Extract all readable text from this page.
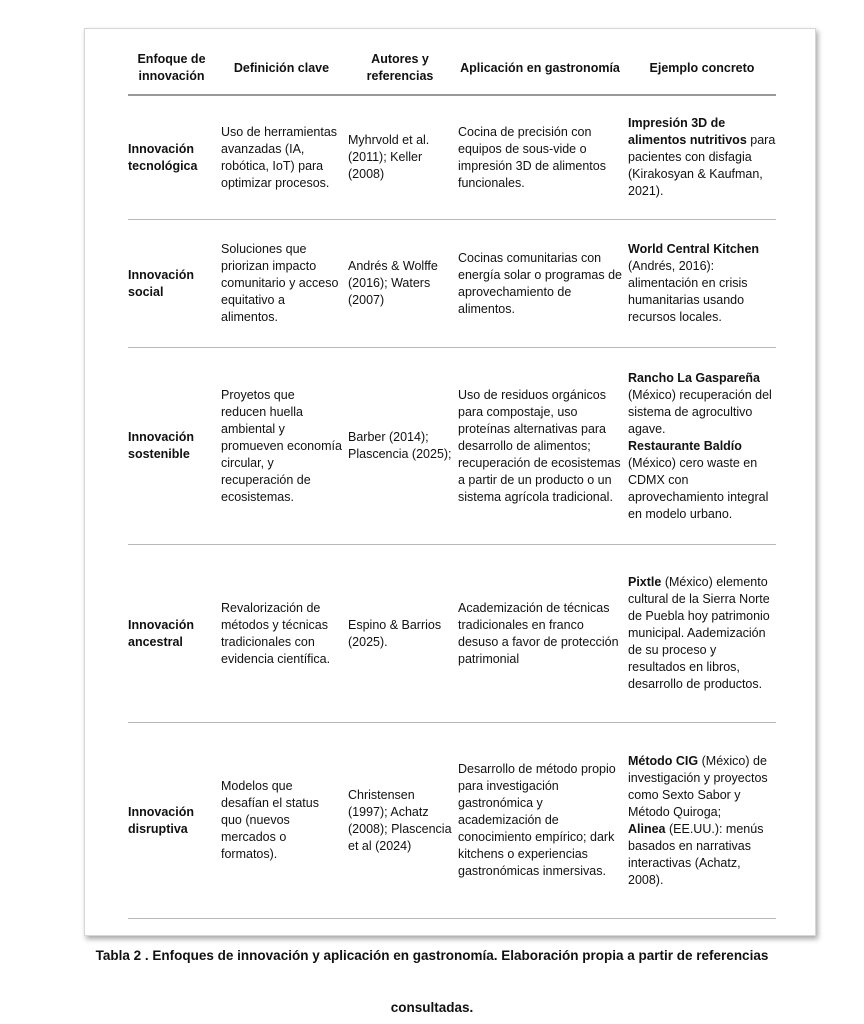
Enfoque de innovación
Definición clave
Autores y referencias
Aplicación en gastronomía	Ejemplo concreto
Innovación tecnológica
Uso de herramientas avanzadas (IA, robótica, IoT) para optimizar procesos.
Myhrvold et al. (2011); Keller (2008)
Cocina de precisión con equipos de sous-vide o impresión 3D de alimentos funcionales.
Impresión 3D de alimentos nutritivos para pacientes con disfagia (Kirakosyan & Kaufman, 2021).
Innovación social
Soluciones que priorizan impacto comunitario y acceso equitativo a alimentos.
Andrés & Wolffe (2016); Waters (2007)
Cocinas comunitarias con energía solar o programas de aprovechamiento de alimentos.
World Central Kitchen (Andrés, 2016): alimentación en crisis humanitarias usando recursos locales.
Innovación sostenible
Proyetos que reducen huella ambiental y promueven economía circular, y recuperación de ecosistemas.
Barber (2014); Plascencia (2025);
Uso de residuos orgánicos para compostaje, uso proteínas alternativas para desarrollo de alimentos; recuperación de ecosistemas a partir de un producto o un sistema agrícola tradicional.
Rancho La Gaspareña (México) recuperación del sistema de agrocultivo agave.
Restaurante Baldío (México) cero waste en CDMX con aprovechamiento integral en modelo urbano.
Innovación ancestral
Revalorización de métodos y técnicas tradicionales con evidencia científica.
Espino & Barrios (2025).
Academización de técnicas tradicionales en franco desuso a favor de protección patrimonial
Pixtle (México) elemento cultural de la Sierra Norte de Puebla hoy patrimonio municipal. Aademización de su proceso y resultados en libros, desarrollo de productos.
Innovación disruptiva
Modelos que desafían el status quo (nuevos mercados o formatos).
Christensen (1997); Achatz (2008); Plascencia et al (2024)
Desarrollo de método propio para investigación gastronómica y academización de conocimiento empírico; dark kitchens o experiencias gastronómicas inmersivas.
Método CIG (México) de investigación y proyectos como Sexto Sabor y Método Quiroga;
Alinea (EE.UU.): menús basados en narrativas interactivas (Achatz, 2008).
Tabla 2 . Enfoques de innovación y aplicación en gastronomía. Elaboración propia a partir de referencias
consultadas.
